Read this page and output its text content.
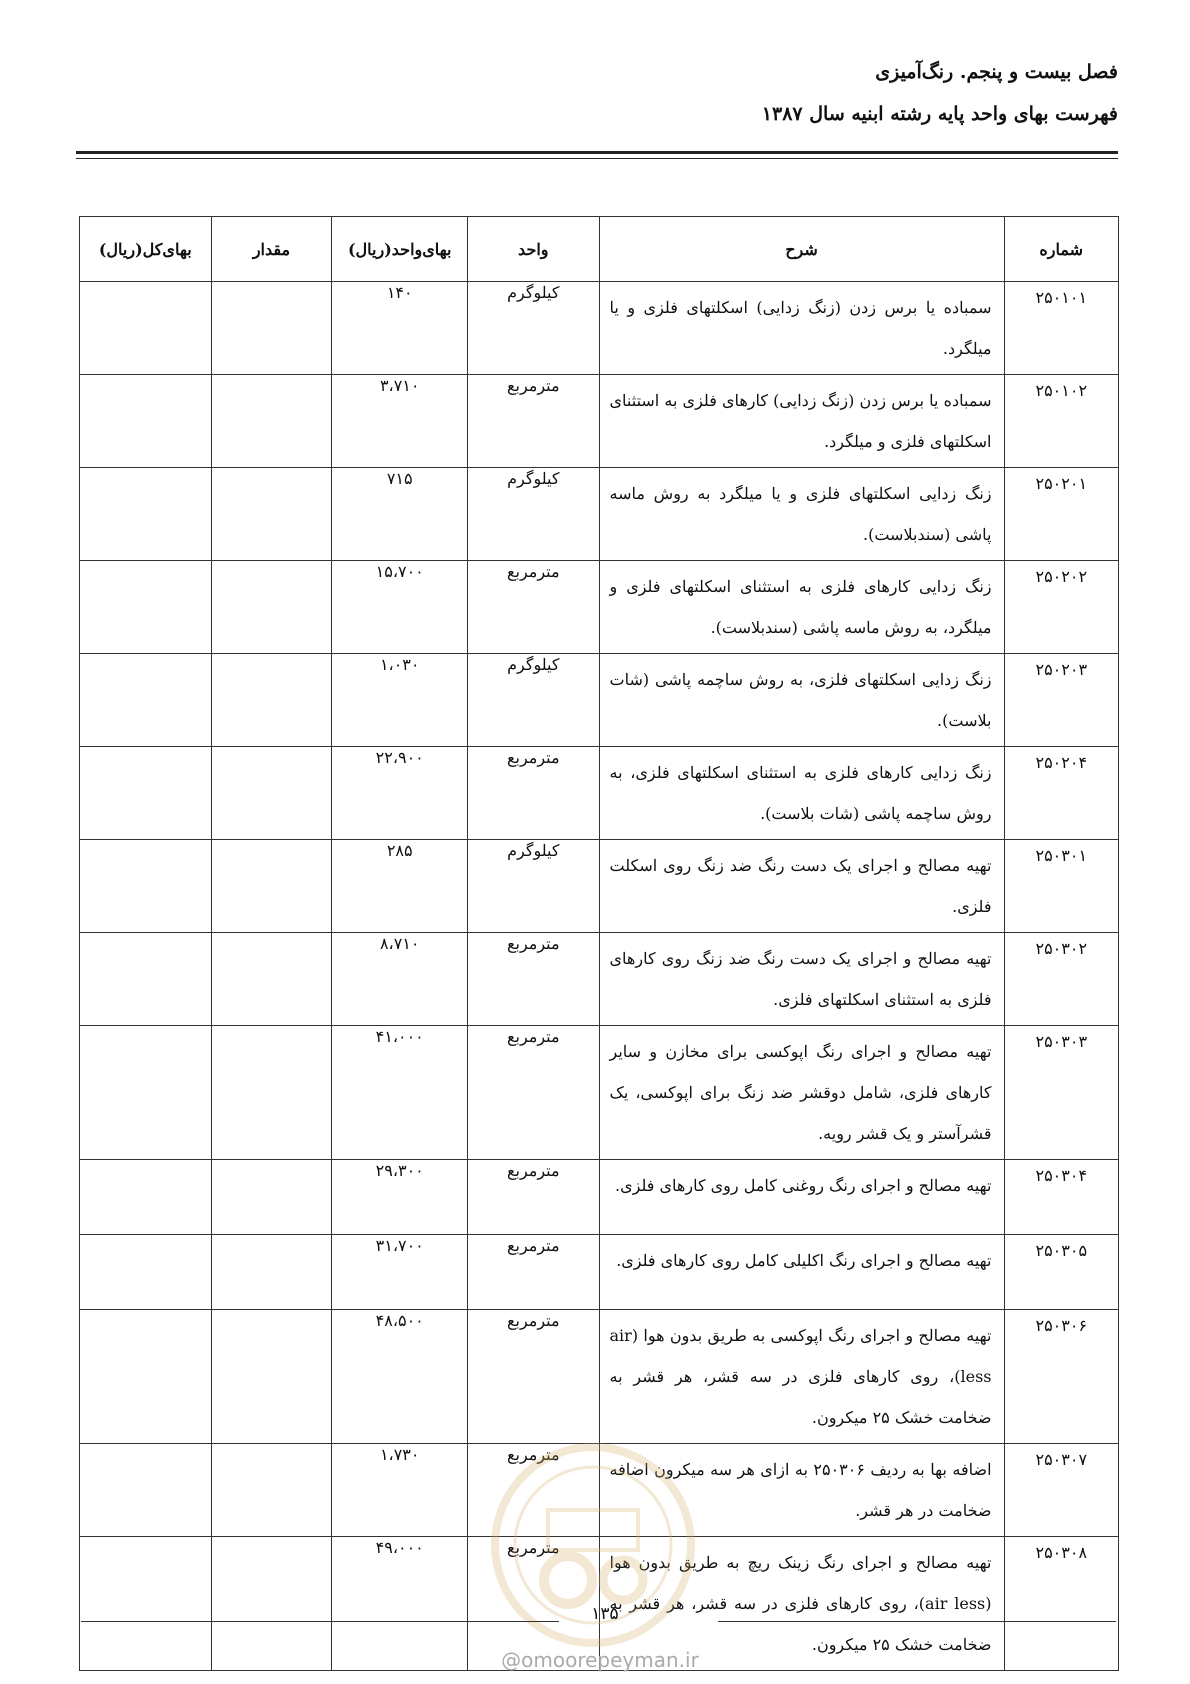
فصل بیست و پنجم. رنگ‌آمیزی

فهرست بهای واحد پایه رشته ابنیه سال ۱۳۸۷

شماره	شرح	واحد	بهای‌واحد(ریال)	مقدار	بهای‌کل(ریال)
۲۵۰۱۰۱	سمباده یا برس زدن (زنگ زدایی) اسکلتهای فلزی و یا میلگرد.	کیلوگرم	۱۴۰		
۲۵۰۱۰۲	سمباده یا برس زدن (زنگ زدایی) کارهای فلزی به استثنای اسکلتهای فلزی و میلگرد.	مترمربع	۳،۷۱۰		
۲۵۰۲۰۱	زنگ زدایی اسکلتهای فلزی و یا میلگرد به روش ماسه پاشی (سندبلاست).	کیلوگرم	۷۱۵		
۲۵۰۲۰۲	زنگ زدایی کارهای فلزی به استثنای اسکلتهای فلزی و میلگرد، به روش ماسه پاشی (سندبلاست).	مترمربع	۱۵،۷۰۰		
۲۵۰۲۰۳	زنگ زدایی اسکلتهای فلزی، به روش ساچمه پاشی (شات بلاست).	کیلوگرم	۱،۰۳۰		
۲۵۰۲۰۴	زنگ زدایی کارهای فلزی به استثنای اسکلتهای فلزی، به روش ساچمه پاشی (شات بلاست).	مترمربع	۲۲،۹۰۰		
۲۵۰۳۰۱	تهیه مصالح و اجرای یک دست رنگ ضد زنگ روی اسکلت فلزی.	کیلوگرم	۲۸۵		
۲۵۰۳۰۲	تهیه مصالح و اجرای یک دست رنگ ضد زنگ روی کارهای فلزی به استثنای اسکلتهای فلزی.	مترمربع	۸،۷۱۰		
۲۵۰۳۰۳	تهیه مصالح و اجرای رنگ اپوکسی برای مخازن و سایر کارهای فلزی، شامل دوقشر ضد زنگ برای اپوکسی، یک قشرآستر و یک قشر رویه.	مترمربع	۴۱،۰۰۰		
۲۵۰۳۰۴	تهیه مصالح و اجرای رنگ روغنی کامل روی کارهای فلزی.	مترمربع	۲۹،۳۰۰		
۲۵۰۳۰۵	تهیه مصالح و اجرای رنگ اکلیلی کامل روی کارهای فلزی.	مترمربع	۳۱،۷۰۰		
۲۵۰۳۰۶	تهیه مصالح و اجرای رنگ اپوکسی به طریق بدون هوا (air less)، روی کارهای فلزی در سه قشر، هر قشر به ضخامت خشک ۲۵ میکرون.	مترمربع	۴۸،۵۰۰		
۲۵۰۳۰۷	اضافه بها به ردیف ۲۵۰۳۰۶ به ازای هر سه میکرون اضافه ضخامت در هر قشر.	مترمربع	۱،۷۳۰		
۲۵۰۳۰۸	تهیه مصالح و اجرای رنگ زینک ریچ به طریق بدون هوا (air less)، روی کارهای فلزی در سه قشر، هر قشر به ضخامت خشک ۲۵ میکرون.	مترمربع	۴۹،۰۰۰		
۱۳۵
@omoorepeyman.ir
